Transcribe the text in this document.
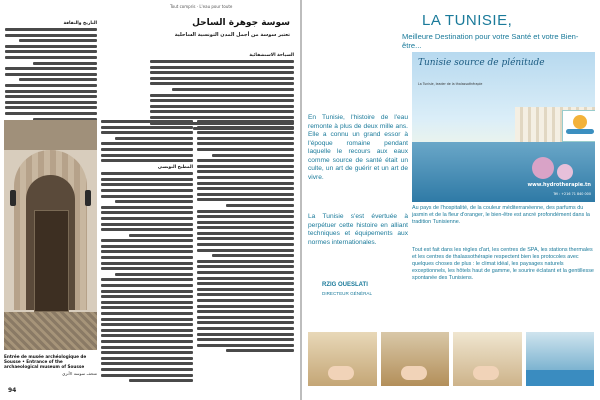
Tout compris · L'eau pour toute
سوسة جوهرة الساحل
تعتبر سوسة من أجمل المدن التونسية الساحلية
التاريخ والثقافة
المطبخ التونسي
السياحة الاستشفائية
Entrée de musée archéologique de Sousse • Entrance of the archaeological museum of Sousse
متحف سوسة الأثري
94
LA TUNISIE,
Meilleure Destination pour votre Santé et votre Bien-être...
Tunisie source de plénitude
La Tunisie, leader de la thalassothérapie
www.hydrotherapie.tn
Tél : +216 71 840 000
En Tunisie, l'histoire de l'eau remonte à plus de deux mille ans. Elle a connu un grand essor à l'époque romaine pendant laquelle le recours aux eaux comme source de santé était un culte, un art de guérir et un art de vivre.
La Tunisie s'est évertuée à perpétuer cette histoire en alliant techniques et équipements aux normes internationales.
RZIG OUESLATI
DIRECTEUR GÉNÉRAL
Au pays de l'hospitalité, de la couleur méditerranéenne, des parfums du jasmin et de la fleur d'oranger, le bien-être est ancré profondément dans la tradition Tunisienne.
Tout est fait dans les règles d'art, les centres de SPA, les stations thermales et les centres de thalassothérapie respectent bien les protocoles avec quelques choses de plus : le climat idéal, les paysages naturels exceptionnels, les hôtels haut de gamme, le sourire éclatant et la gentillesse spontanée des Tunisiens.
